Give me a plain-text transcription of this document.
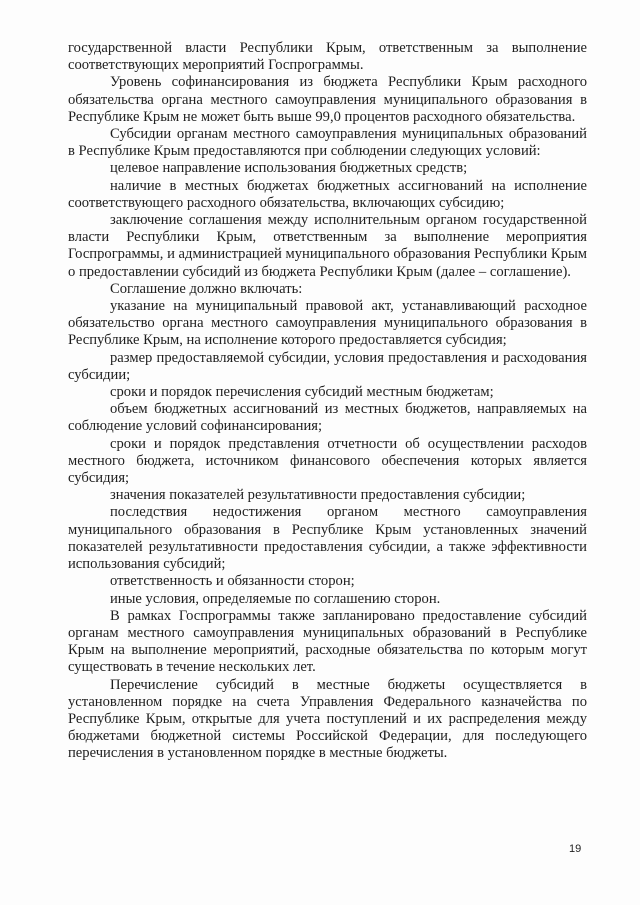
государственной власти Республики Крым, ответственным за выполнение соответствующих мероприятий Госпрограммы.

Уровень софинансирования из бюджета Республики Крым расходного обязательства органа местного самоуправления муниципального образования в Республике Крым не может быть выше 99,0 процентов расходного обязательства.

Субсидии органам местного самоуправления муниципальных образований в Республике Крым предоставляются при соблюдении следующих условий:

целевое направление использования бюджетных средств;

наличие в местных бюджетах бюджетных ассигнований на исполнение соответствующего расходного обязательства, включающих субсидию;

заключение соглашения между исполнительным органом государственной власти Республики Крым, ответственным за выполнение мероприятия Госпрограммы, и администрацией муниципального образования Республики Крым о предоставлении субсидий из бюджета Республики Крым (далее – соглашение).

Соглашение должно включать:

указание на муниципальный правовой акт, устанавливающий расходное обязательство органа местного самоуправления муниципального образования в Республике Крым, на исполнение которого предоставляется субсидия;

размер предоставляемой субсидии, условия предоставления и расходования субсидии;

сроки и порядок перечисления субсидий местным бюджетам;

объем бюджетных ассигнований из местных бюджетов, направляемых на соблюдение условий софинансирования;

сроки и порядок представления отчетности об осуществлении расходов местного бюджета, источником финансового обеспечения которых является субсидия;

значения показателей результативности предоставления субсидии;

последствия недостижения органом местного самоуправления муниципального образования в Республике Крым установленных значений показателей результативности предоставления субсидии, а также эффективности использования субсидий;

ответственность и обязанности сторон;

иные условия, определяемые по соглашению сторон.

В рамках Госпрограммы также запланировано предоставление субсидий органам местного самоуправления муниципальных образований в Республике Крым на выполнение мероприятий, расходные обязательства по которым могут существовать в течение нескольких лет.

Перечисление субсидий в местные бюджеты осуществляется в установленном порядке на счета Управления Федерального казначейства по Республике Крым, открытые для учета поступлений и их распределения между бюджетами бюджетной системы Российской Федерации, для последующего перечисления в установленном порядке в местные бюджеты.

19
